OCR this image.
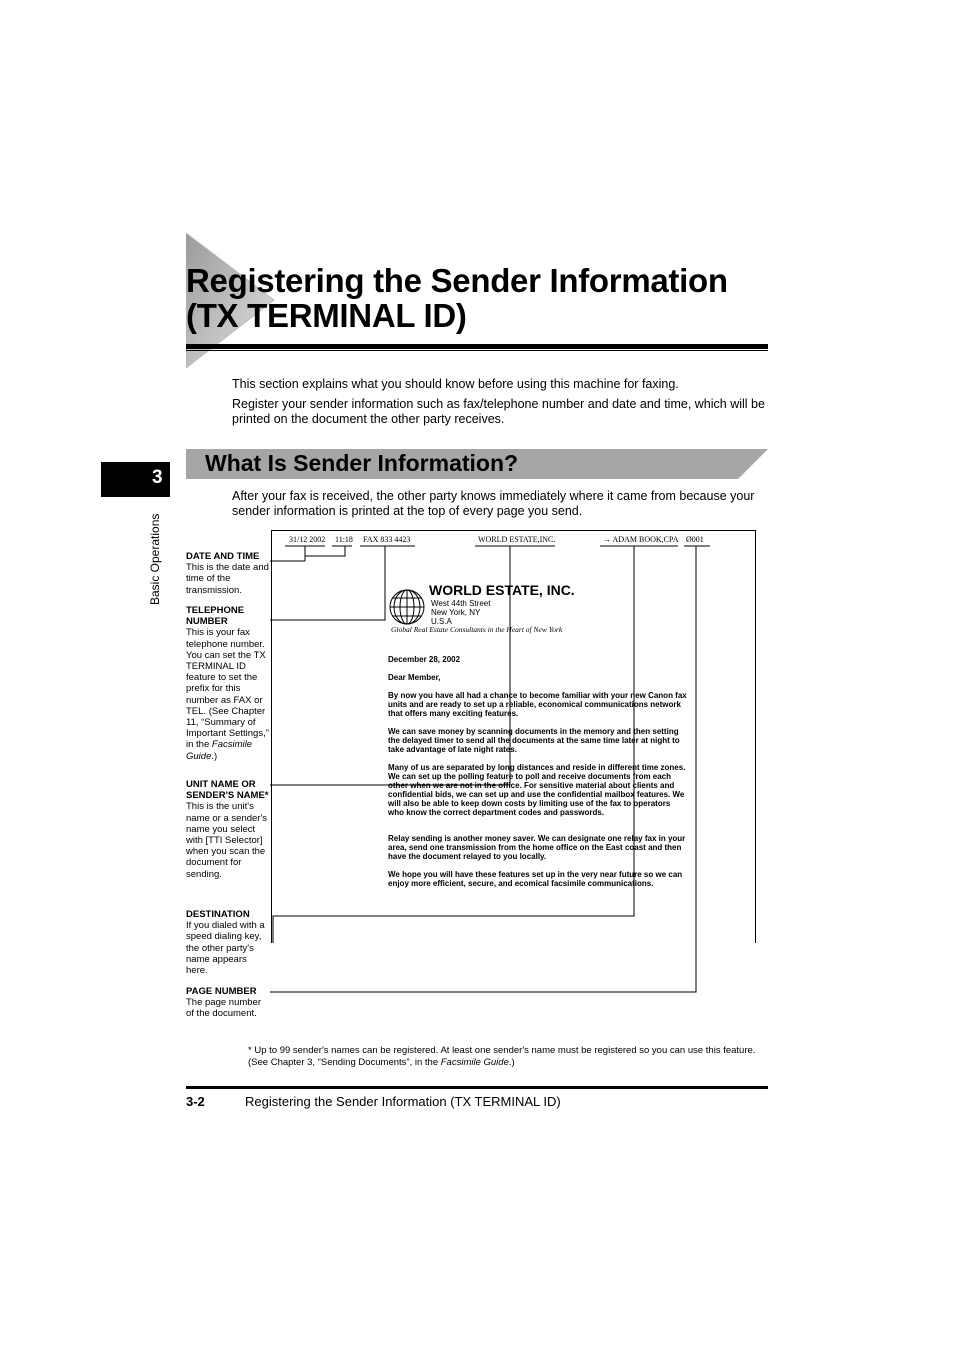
Registering the Sender Information
(TX TERMINAL ID)

This section explains what you should know before using this machine for faxing.

Register your sender information such as fax/telephone number and date and time, which will be printed on the document the other party receives.

3
Basic Operations
What Is Sender Information?

After your fax is received, the other party knows immediately where it came from because your sender information is printed at the top of every page you send.

DATE AND TIME
This is the date and time of the transmission.
TELEPHONE NUMBER
This is your fax telephone number. You can set the TX TERMINAL ID feature to set the prefix for this number as FAX or TEL. (See Chapter 11, “Summary of Important Settings,” in the Facsimile Guide.)
UNIT NAME OR SENDER'S NAME*
This is the unit's name or a sender's name you select with [TTI Selector] when you scan the document for sending.
DESTINATION
If you dialed with a speed dialing key, the other party's name appears here.
PAGE NUMBER
The page number of the document.
31/12 2002 11:18 FAX 833 4423	WORLD ESTATE,INC.	→ ADAM BOOK,CPA Ø001
WORLD ESTATE, INC.
West 44th Street
New York, NY
U.S.A
Global Real Estate Consultants in the Heart of New York

December 28, 2002

Dear Member,

By now you have all had a chance to become familiar with your new Canon fax units and are ready to set up a reliable, economical communications network that offers many exciting features.

We can save money by scanning documents in the memory and then setting the delayed timer to send all the documents at the same time later at night to take advantage of late night rates.

Many of us are separated by long distances and reside in different time zones. We can set up the polling feature to poll and receive documents from each other when we are not in the office. For sensitive material about clients and confidential bids, we can set up and use the confidential mailbox features. We will also be able to keep down costs by limiting use of the fax to operators who know the correct department codes and passwords.

Relay sending is another money saver. We can designate one relay fax in your area, send one transmission from the home office on the East coast and then have the document relayed to you locally.

We hope you will have these features set up in the very near future so we can enjoy more efficient, secure, and ecomical facsimile communications.

* Up to 99 sender's names can be registered. At least one sender's name must be registered so you can use this feature. (See Chapter 3, “Sending Documents”, in the Facsimile Guide.)
3-2	Registering the Sender Information (TX TERMINAL ID)
